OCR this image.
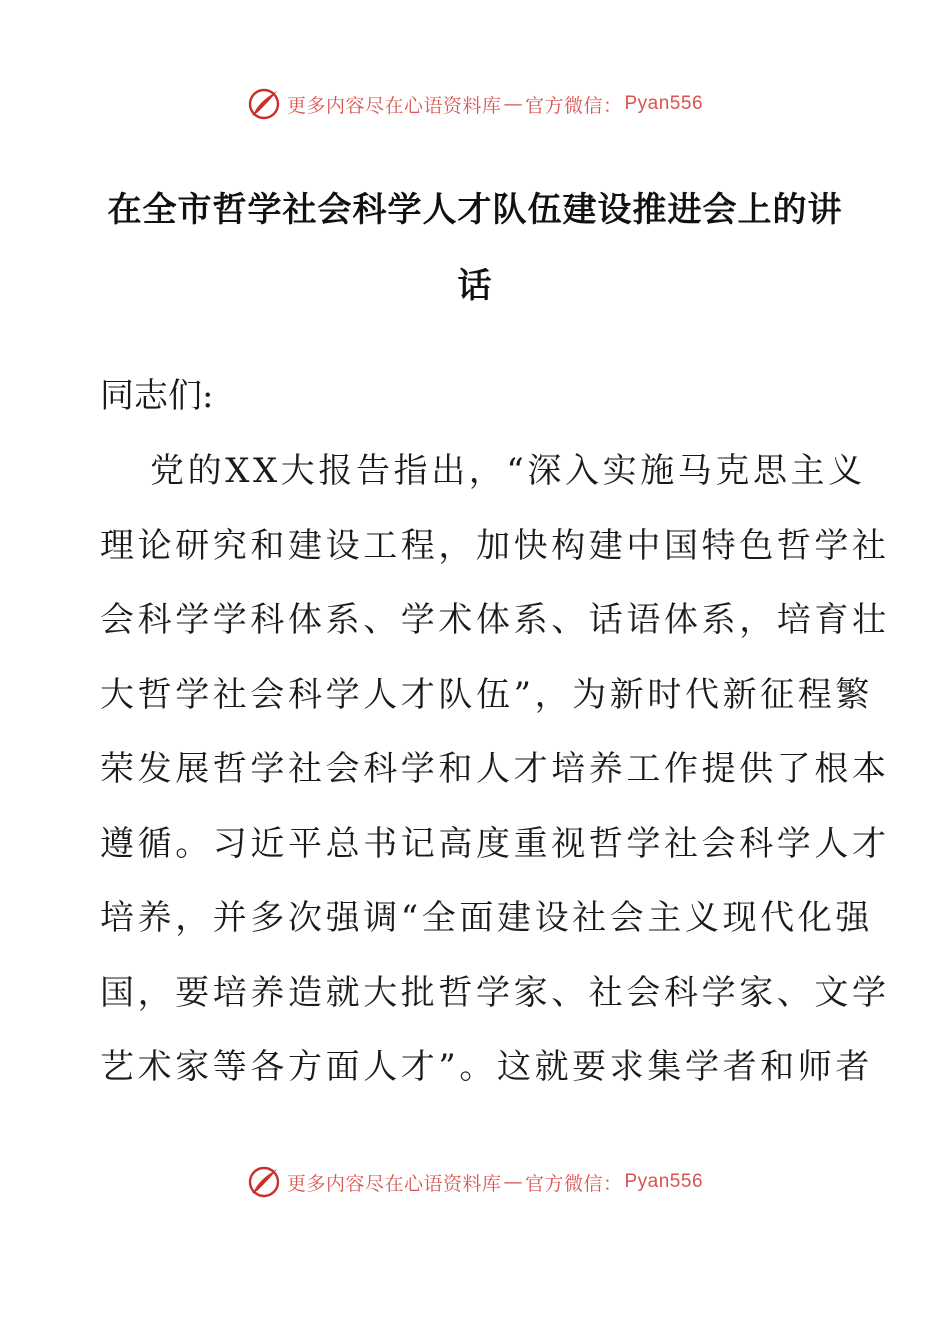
更多内容尽在心语资料库 — 官方微信： Pyan556
在全市哲学社会科学人才队伍建设推进会上的讲话
同志们:
党的XX大报告指出，“深入实施马克思主义
理论研究和建设工程，加快构建中国特色哲学社
会科学学科体系、学术体系、话语体系，培育壮
大哲学社会科学人才队伍”，为新时代新征程繁
荣发展哲学社会科学和人才培养工作提供了根本
遵循。习近平总书记高度重视哲学社会科学人才
培养，并多次强调“全面建设社会主义现代化强
国，要培养造就大批哲学家、社会科学家、文学
艺术家等各方面人才”。这就要求集学者和师者
更多内容尽在心语资料库 — 官方微信： Pyan556
